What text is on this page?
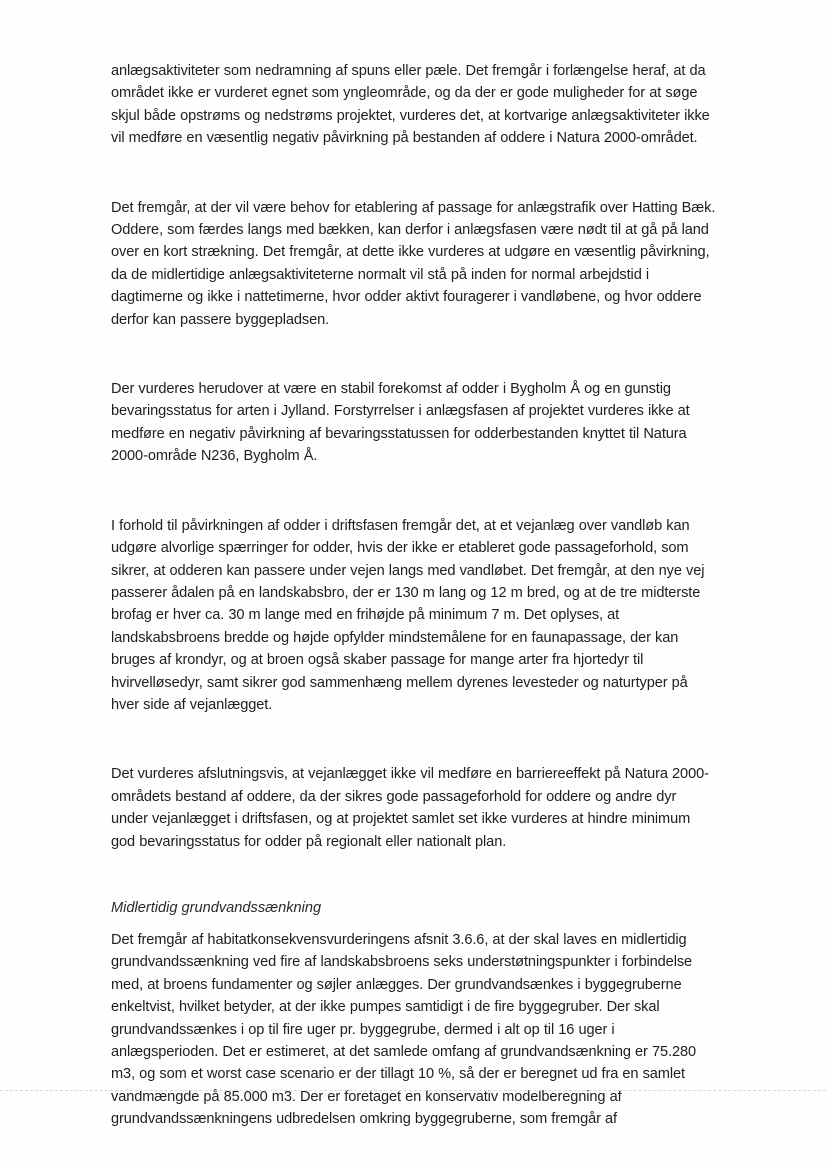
anlægsaktiviteter som nedramning af spuns eller pæle. Det fremgår i forlængelse heraf, at da
området ikke er vurderet egnet som yngleområde, og da der er gode muligheder for at søge
skjul både opstrøms og nedstrøms projektet, vurderes det, at kortvarige anlægsaktiviteter ikke
vil medføre en væsentlig negativ påvirkning på bestanden af oddere i Natura 2000-området.

Det fremgår, at der vil være behov for etablering af passage for anlægstrafik over Hatting Bæk.
Oddere, som færdes langs med bækken, kan derfor i anlægsfasen være nødt til at gå på land
over en kort strækning. Det fremgår, at dette ikke vurderes at udgøre en væsentlig påvirkning,
da de midlertidige anlægsaktiviteterne normalt vil stå på inden for normal arbejdstid i
dagtimerne og ikke i nattetimerne, hvor odder aktivt fouragerer i vandløbene, og hvor oddere
derfor kan passere byggepladsen.

Der vurderes herudover at være en stabil forekomst af odder i Bygholm Å og en gunstig
bevaringsstatus for arten i Jylland. Forstyrrelser i anlægsfasen af projektet vurderes ikke at
medføre en negativ påvirkning af bevaringsstatussen for odderbestanden knyttet til Natura
2000-område N236, Bygholm Å.

I forhold til påvirkningen af odder i driftsfasen fremgår det, at et vejanlæg over vandløb kan
udgøre alvorlige spærringer for odder, hvis der ikke er etableret gode passageforhold, som
sikrer, at odderen kan passere under vejen langs med vandløbet. Det fremgår, at den nye vej
passerer ådalen på en landskabsbro, der er 130 m lang og 12 m bred, og at de tre midterste
brofag er hver ca. 30 m lange med en frihøjde på minimum 7 m. Det oplyses, at
landskabsbroens bredde og højde opfylder mindstemålene for en faunapassage, der kan
bruges af krondyr, og at broen også skaber passage for mange arter fra hjortedyr til
hvirvelløsedyr, samt sikrer god sammenhæng mellem dyrenes levesteder og naturtyper på
hver side af vejanlægget.

Det vurderes afslutningsvis, at vejanlægget ikke vil medføre en barriereeffekt på Natura 2000-
områdets bestand af oddere, da der sikres gode passageforhold for oddere og andre dyr
under vejanlægget i driftsfasen, og at projektet samlet set ikke vurderes at hindre minimum
god bevaringsstatus for odder på regionalt eller nationalt plan.

Midlertidig grundvandssænkning

Det fremgår af habitatkonsekvensvurderingens afsnit 3.6.6, at der skal laves en midlertidig
grundvandssænkning ved fire af landskabsbroens seks understøtningspunkter i forbindelse
med, at broens fundamenter og søjler anlægges. Der grundvandsænkes i byggegruberne
enkeltvist, hvilket betyder, at der ikke pumpes samtidigt i de fire byggegruber. Der skal
grundvandssænkes i op til fire uger pr. byggegrube, dermed i alt op til 16 uger i
anlægsperioden. Det er estimeret, at det samlede omfang af grundvandsænkning er 75.280
m3, og som et worst case scenario er der tillagt 10 %, så der er beregnet ud fra en samlet
vandmængde på 85.000 m3. Der er foretaget en konservativ modelberegning af
grundvandssænkningens udbredelsen omkring byggegruberne, som fremgår af
